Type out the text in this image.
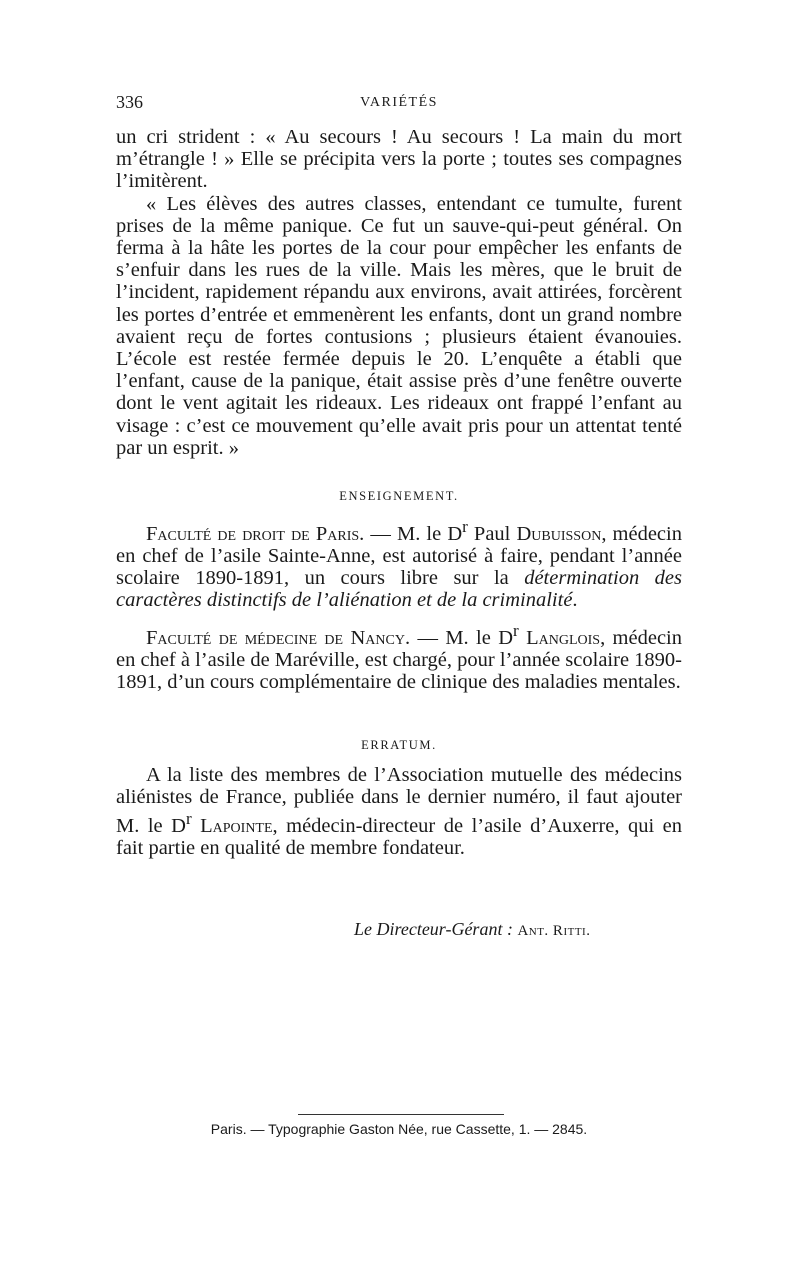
336	VARIÉTÉS

un cri strident : « Au secours ! Au secours ! La main du mort m’étrangle ! » Elle se précipita vers la porte ; toutes ses compagnes l’imitèrent.

« Les élèves des autres classes, entendant ce tumulte, furent prises de la même panique. Ce fut un sauve-qui-peut général. On ferma à la hâte les portes de la cour pour empêcher les enfants de s’enfuir dans les rues de la ville. Mais les mères, que le bruit de l’incident, rapidement répandu aux environs, avait attirées, forcèrent les portes d’entrée et emmenèrent les enfants, dont un grand nombre avaient reçu de fortes contusions ; plusieurs étaient évanouies. L’école est restée fermée depuis le 20. L’enquête a établi que l’enfant, cause de la panique, était assise près d’une fenêtre ouverte dont le vent agitait les rideaux. Les rideaux ont frappé l’enfant au visage : c’est ce mouvement qu’elle avait pris pour un attentat tenté par un esprit. »

ENSEIGNEMENT.

Faculté de droit de Paris. — M. le $D^r$ Paul Dubuisson, médecin en chef de l’asile Sainte-Anne, est autorisé à faire, pendant l’année scolaire 1890-1891, un cours libre sur la détermination des caractères distinctifs de l’aliénation et de la criminalité.

Faculté de médecine de Nancy. — M. le $D^r$ Langlois, médecin en chef à l’asile de Maréville, est chargé, pour l’année scolaire 1890-1891, d’un cours complémentaire de clinique des maladies mentales.

ERRATUM.

A la liste des membres de l’Association mutuelle des médecins aliénistes de France, publiée dans le dernier numéro, il faut ajouter M. le $D^r$ Lapointe, médecin-directeur de l’asile d’Auxerre, qui en fait partie en qualité de membre fondateur.

Le Directeur-Gérant : Ant. Ritti.
Paris. — Typographie Gaston Née, rue Cassette, 1. — 2845.
